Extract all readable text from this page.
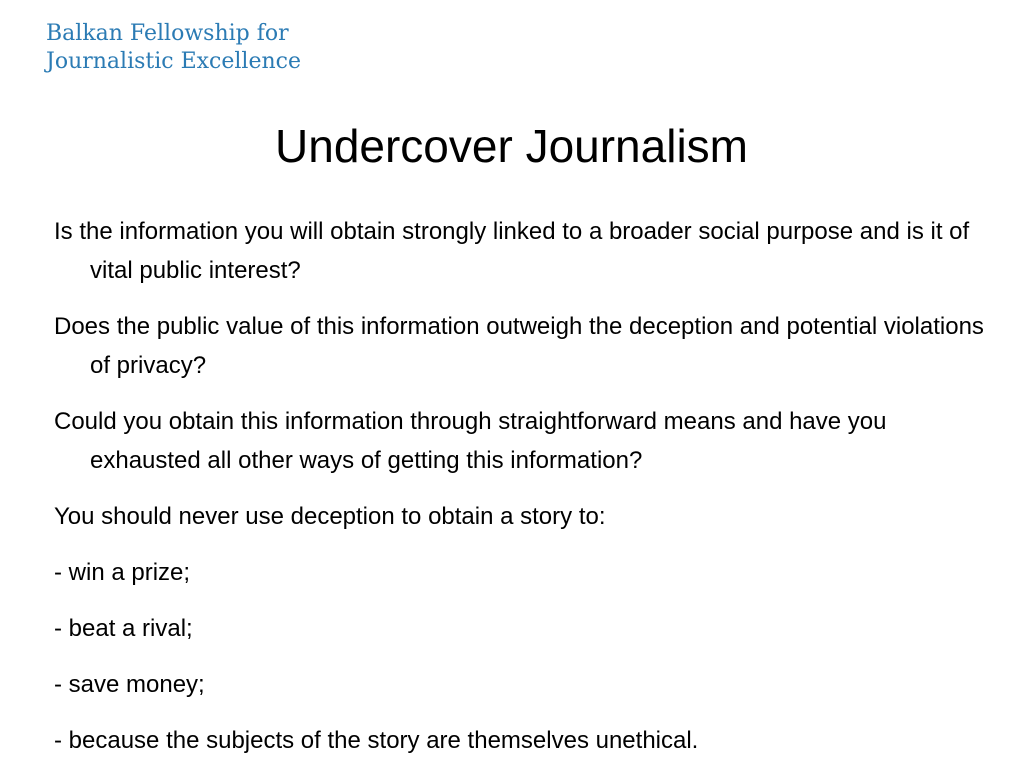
Balkan Fellowship for
Journalistic Excellence
Undercover Journalism

Is the information you will obtain strongly linked to a broader social purpose and is it of vital public interest?

Does the public value of this information outweigh the deception and potential violations of privacy?

Could you obtain this information through straightforward means and have you exhausted all other ways of getting this information?

You should never use deception to obtain a story to:

- win a prize;

- beat a rival;

- save money;

- because the subjects of the story are themselves unethical.
